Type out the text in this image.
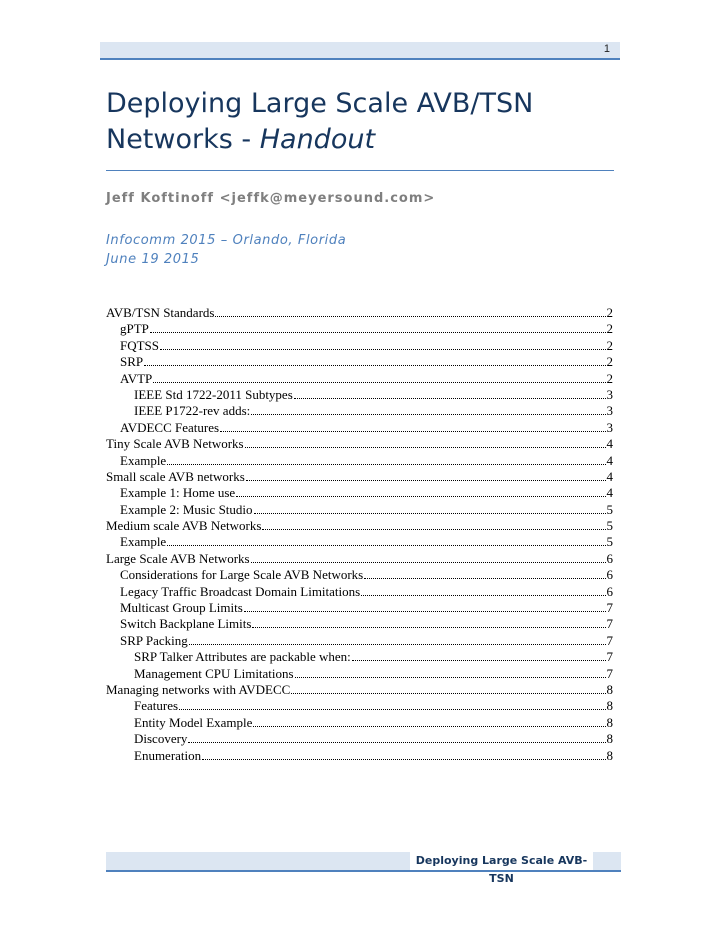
1
Deploying Large Scale AVB/TSN Networks - Handout
Jeff Koftinoff <jeffk@meyersound.com>
Infocomm 2015 – Orlando, Florida
June 19 2015
AVB/TSN Standards	2
gPTP	2
FQTSS	2
SRP	2
AVTP	2
IEEE Std 1722-2011 Subtypes	3
IEEE P1722-rev adds:	3
AVDECC Features	3
Tiny Scale AVB Networks	4
Example	4
Small scale AVB networks	4
Example 1: Home use	4
Example 2: Music Studio	5
Medium scale AVB Networks	5
Example	5
Large Scale AVB Networks	6
Considerations for Large Scale AVB Networks	6
Legacy Traffic Broadcast Domain Limitations	6
Multicast Group Limits	7
Switch Backplane Limits	7
SRP Packing	7
SRP Talker Attributes are packable when:	7
Management CPU Limitations	7
Managing networks with AVDECC	8
Features	8
Entity Model Example	8
Discovery	8
Enumeration	8
Deploying Large Scale AVB-TSN
